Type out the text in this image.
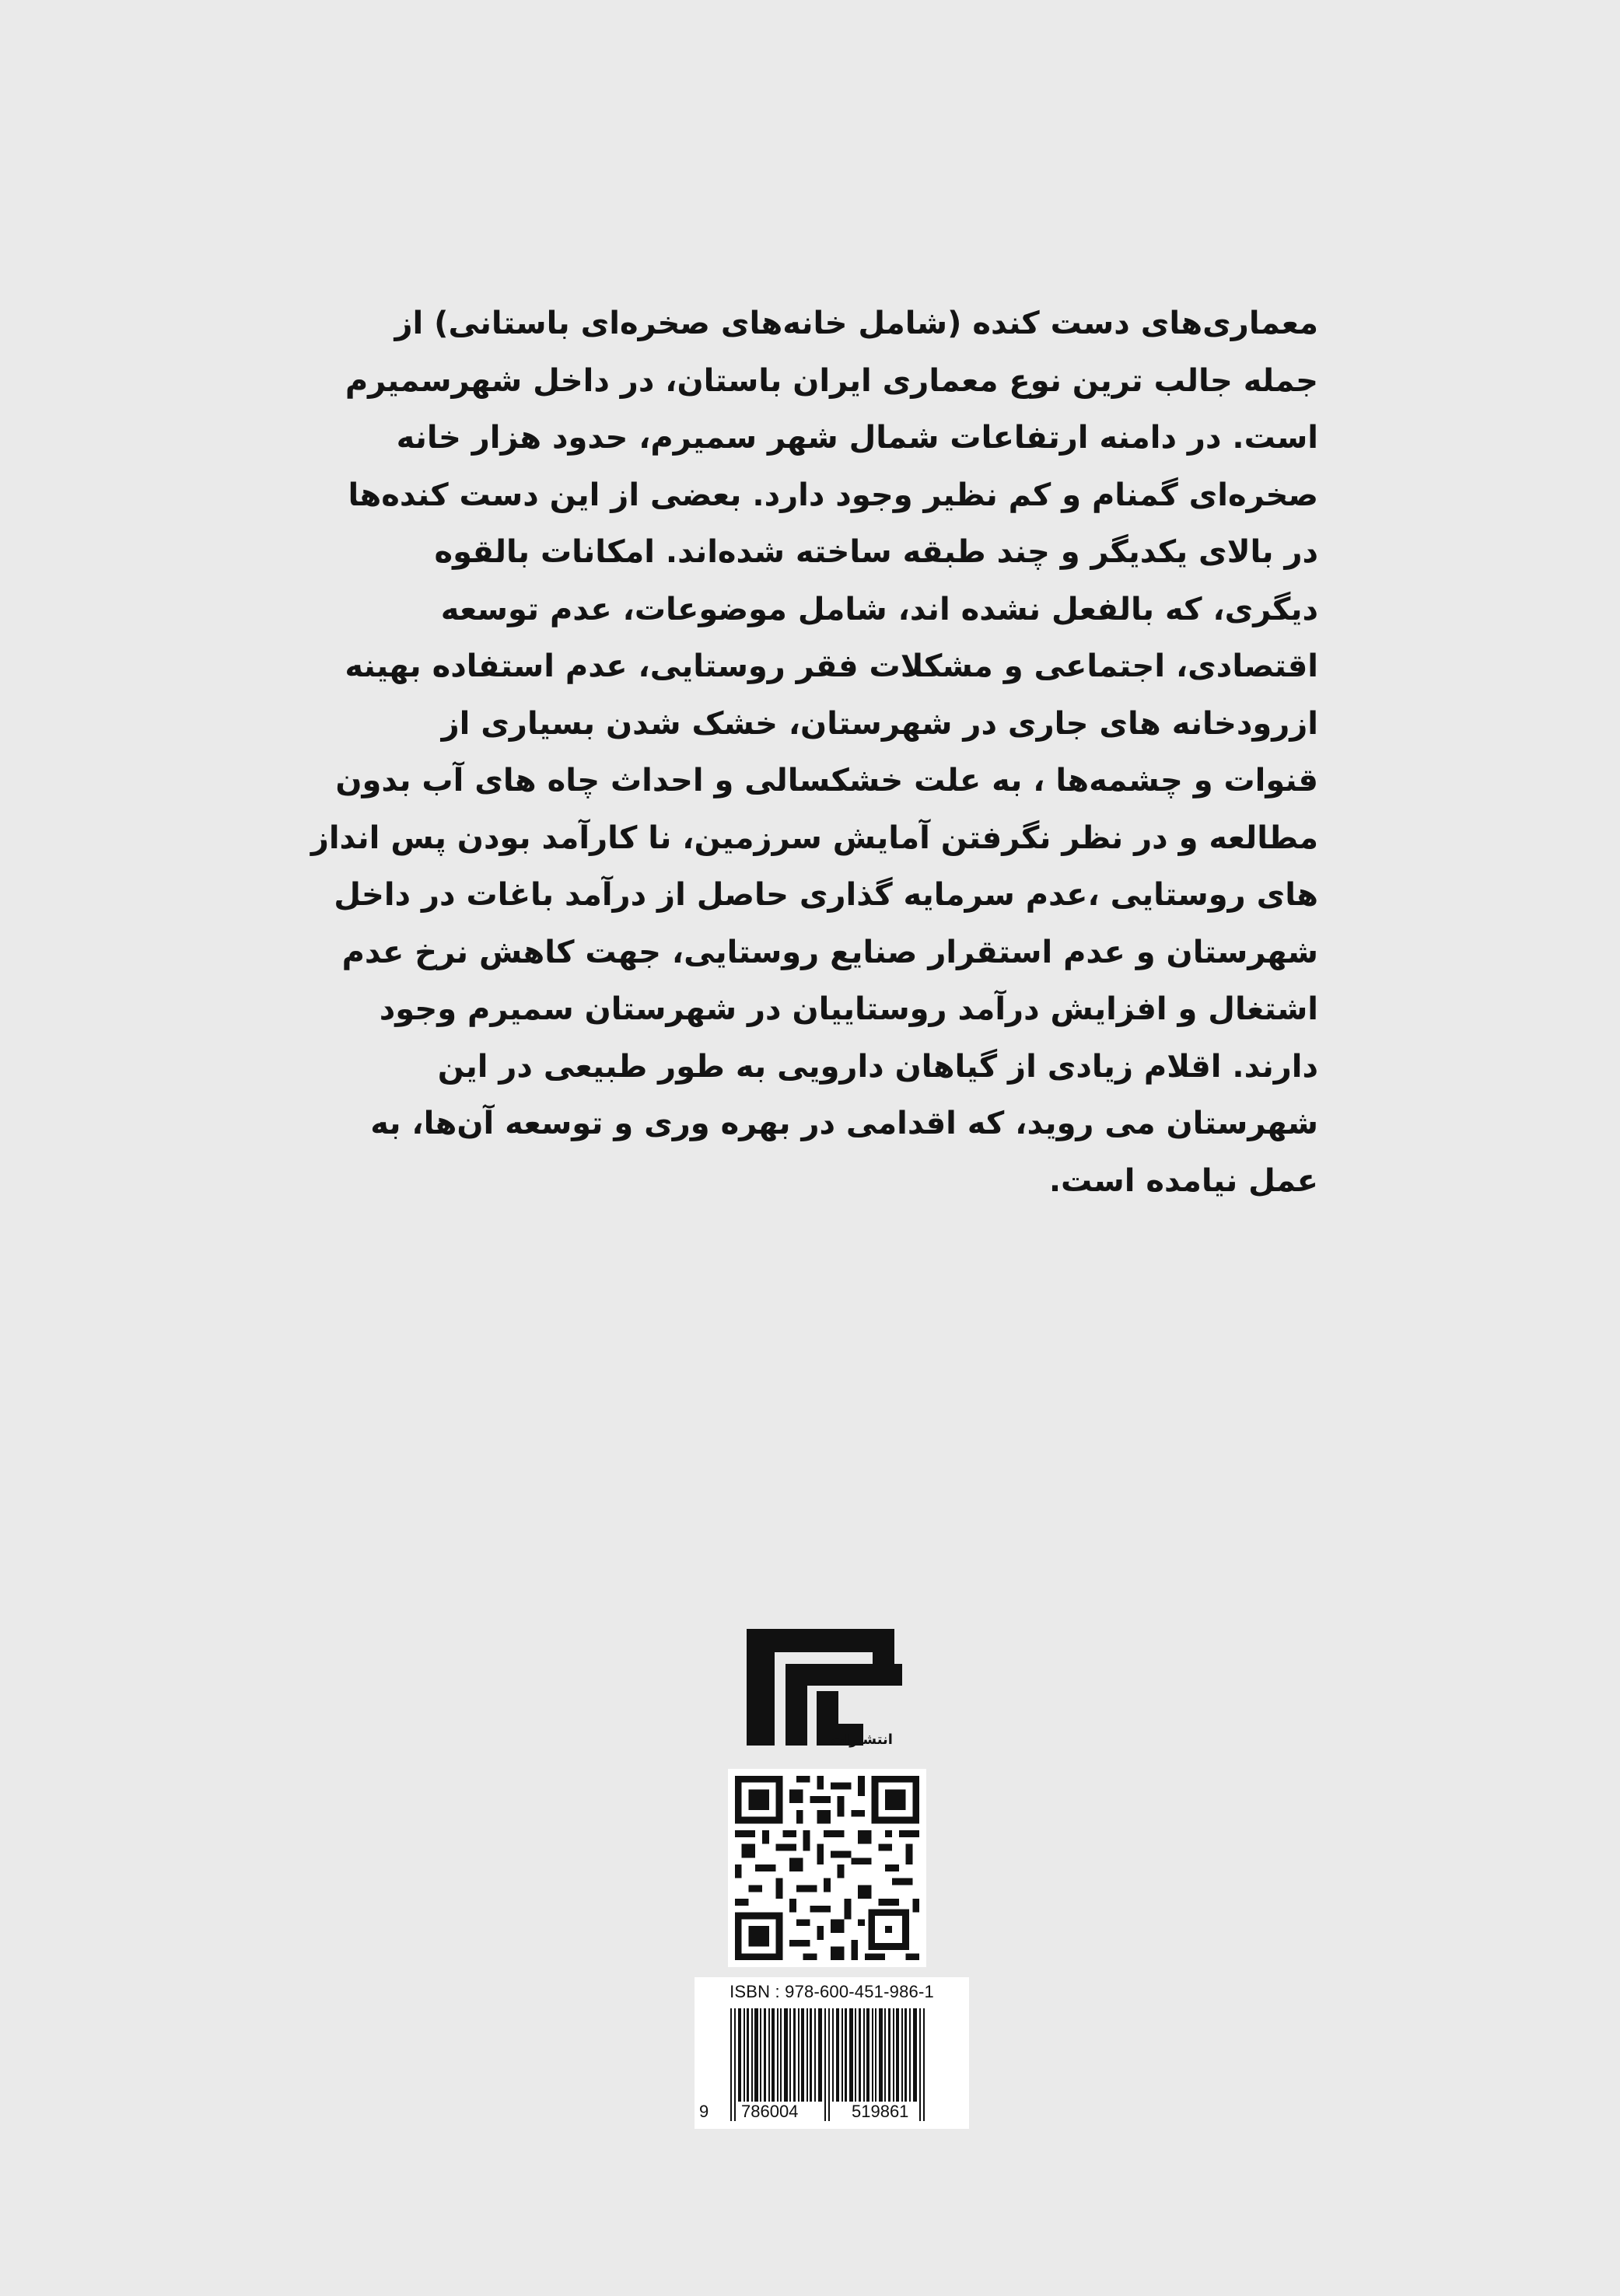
معماری‌های دست کنده (شامل خانه‌های صخره‌ای باستانی) از
جمله جالب ترین نوع معماری ایران باستان، در داخل شهرسمیرم
است. در دامنه ارتفاعات شمال شهر سمیرم، حدود هزار خانه
صخره‌ای گمنام و کم نظیر وجود دارد. بعضی از این دست کنده‌ها
در بالای یکدیگر و چند طبقه ساخته شده‌اند. امکانات بالقوه
دیگری، که بالفعل نشده اند، شامل موضوعات، عدم توسعه
اقتصادی، اجتماعی و مشکلات فقر روستایی، عدم استفاده بهینه
ازرودخانه های جاری در شهرستان، خشک شدن بسیاری از
قنوات و چشمه‌ها ، به علت خشکسالی و احداث چاه های آب بدون
مطالعه و در نظر نگرفتن آمایش سرزمین، نا کارآمد بودن پس انداز
های روستایی ،عدم سرمایه گذاری حاصل از درآمد باغات در داخل
شهرستان و عدم استقرار صنایع روستایی، جهت کاهش نرخ عدم
اشتغال و افزایش درآمد روستاییان در شهرستان سمیرم وجود
دارند. اقلام زیادی از گیاهان دارویی به طور طبیعی در این
شهرستان می روید، که اقدامی در بهره وری و توسعه آن‌ها، به
عمل نیامده است.
انتشارات
ISBN : 978-600-451-986-1
9 786004	519861
